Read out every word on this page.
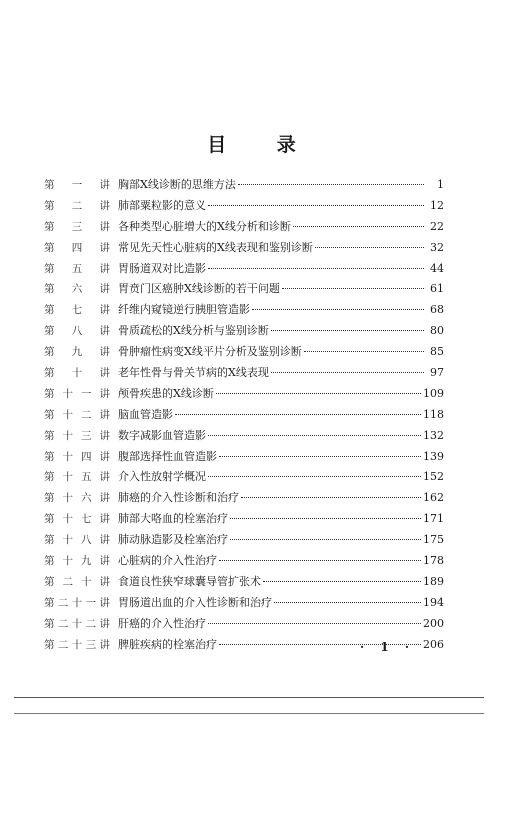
目 录
第 一 讲 胸部X线诊断的思维方法	1
第 二 讲 肺部粟粒影的意义	12
第 三 讲 各种类型心脏增大的X线分析和诊断	22
第 四 讲 常见先天性心脏病的X线表现和鉴别诊断	32
第 五 讲 胃肠道双对比造影	44
第 六 讲 胃贲门区癌肿X线诊断的若干问题	61
第 七 讲 纤维内窥镜逆行胰胆管造影	68
第 八 讲 骨质疏松的X线分析与鉴别诊断	80
第 九 讲 骨肿瘤性病变X线平片分析及鉴别诊断	85
第 十 讲 老年性骨与骨关节病的X线表现	97
第 十 一 讲 颅骨疾患的X线诊断	109
第 十 二 讲 脑血管造影	118
第 十 三 讲 数字减影血管造影	132
第 十 四 讲 腹部选择性血管造影	139
第 十 五 讲 介入性放射学概况	152
第 十 六 讲 肺癌的介入性诊断和治疗	162
第 十 七 讲 肺部大咯血的栓塞治疗	171
第 十 八 讲 肺动脉造影及栓塞治疗	175
第 十 九 讲 心脏病的介入性治疗	178
第 二 十 讲 食道良性狭窄球囊导管扩张术	189
第 二 十 一 讲 胃肠道出血的介入性诊断和治疗	194
第 二 十 二 讲 肝癌的介入性治疗	200
第 二 十 三 讲 脾脏疾病的栓塞治疗	206
· 1 ·
